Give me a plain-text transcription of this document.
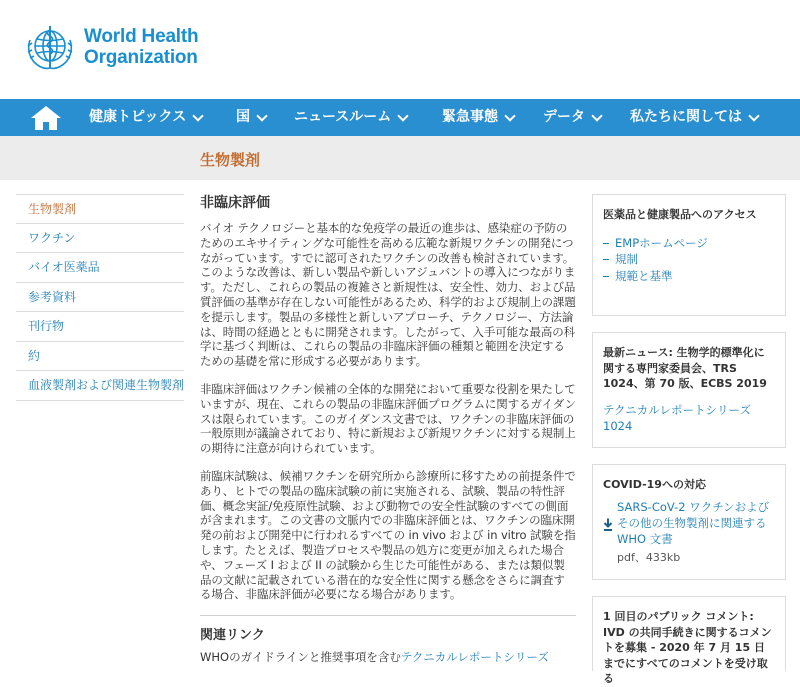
World Health
Organization
健康トピックス	国	ニュースルーム	緊急事態	データ	私たちに関しては
生物製剤
生物製剤
ワクチン
バイオ医薬品
参考資料
刊行物
約
血液製剤および関連生物製剤
非臨床評価

バイオ テクノロジーと基本的な免疫学の最近の進歩は、感染症の予防のためのエキサイティングな可能性を高める広範な新規ワクチンの開発につながっています。すでに認可されたワクチンの改善も検討されています。このような改善は、新しい製品や新しいアジュバントの導入につながります。ただし、これらの製品の複雑さと新規性は、安全性、効力、および品質評価の基準が存在しない可能性があるため、科学的および規制上の課題を提示します。製品の多様性と新しいアプローチ、テクノロジー、方法論は、時間の経過とともに開発されます。したがって、入手可能な最高の科学に基づく判断は、これらの製品の非臨床評価の種類と範囲を決定するための基礎を常に形成する必要があります。

非臨床評価はワクチン候補の全体的な開発において重要な役割を果たしていますが、現在、これらの製品の非臨床評価プログラムに関するガイダンスは限られています。このガイダンス文書では、ワクチンの非臨床評価の一般原則が議論されており、特に新規および新規ワクチンに対する規制上の期待に注意が向けられています。

前臨床試験は、候補ワクチンを研究所から診療所に移すための前提条件であり、ヒトでの製品の臨床試験の前に実施される、試験、製品の特性評価、概念実証/免疫原性試験、および動物での安全性試験のすべての側面が含まれます。この文書の文脈内での非臨床評価とは、ワクチンの臨床開発の前および開発中に行われるすべての in vivo および in vitro 試験を指します。たとえば、製造プロセスや製品の処方に変更が加えられた場合や、フェーズ I および II の試験から生じた可能性がある、または類似製品の文献に記載されている潜在的な安全性に関する懸念をさらに調査する場合、非臨床評価が必要になる場合があります。

関連リンク
WHOのガイドラインと推奨事項を含むテクニカルレポートシリーズ
医薬品と健康製品へのアクセス
EMPホームページ
規制
規範と基準
最新ニュース: 生物学的標準化に関する専門家委員会、TRS 1024、第 70 版、ECBS 2019
テクニカルレポートシリーズ 1024
COVID-19への対応
SARS-CoV-2 ワクチンおよびその他の生物製剤に関連する WHO 文書
pdf、433kb
1 回目のパブリック コメント: IVD の共同手続きに関するコメントを募集 - 2020 年 7 月 15 日までにすべてのコメントを受け取る
